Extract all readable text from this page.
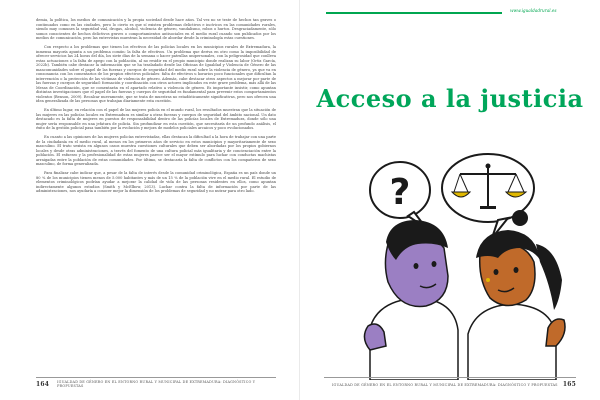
demia, la política, los medios de comunicación y la propia sociedad desde hace años. Tal vez no se trate de hechos tan graves o continuados como en las ciudades, pero lo cierto es que sí existen problemas delictivos e incívicos en las comunidades rurales, siendo muy comunes la seguridad vial, drogas, alcohol, violencia de género, vandalismo, robos o hurtos. Desgraciadamente, sólo somos conscientes de hechos delictivos graves o comportamientos antisociales en el medio rural cuando son publicados por los medios de comunicación, pero las entrevistas muestran la necesidad de abordar desde la criminología estas cuestiones.

Con respecto a los problemas que tienen los efectivos de las policías locales en los municipios rurales de Extremadura, la inmensa mayoría apunta a un problema común: la falta de efectivos. Un problema que deriva en otro como la imposibilidad de ofrecer servicios las 24 horas del día, los siete días de la semana o hacer patrullas unipersonales, con la peligrosidad que conlleva estas actuaciones o la falta de apego con la población, al no residir en el propio municipio donde realizan su labor (Ortiz García, 2022b). También cabe destacar la información que se ha trasladado desde las Oficinas de Igualdad y Violencia de Género de las mancomunidades sobre el papel de las fuerzas y cuerpos de seguridad del medio rural sobre la violencia de género, ya que va en consonancia con los comentarios de los propios efectivos policiales: falta de efectivos u horarios poco funcionales que dificultan la intervención o la protección de las víctimas de violencia de género. Además, cabe destacar otros aspectos a mejorar por parte de las fuerzas y cuerpos de seguridad: formación y coordinación con otros actores implicados en este grave problema, más allá de las Mesas de Coordinación, que se comentarán en el apartado relativo a violencia de género. Es importante insistir, como apuntan distintas investigaciones que el papel de las fuerzas y cuerpos de seguridad es fundamental para prevenir estos comportamientos violentos (Benson, 2009). Recalcar nuevamente, que se trata de muestras no estadísticamente significativas, pero nos ofrecen una idea generalizada de las personas que trabajan diariamente esta cuestión.

En último lugar, en relación con el papel de las mujeres policía en el mundo rural, los resultados muestran que la situación de las mujeres en las policías locales en Extremadura es similar a otras fuerzas y cuerpos de seguridad del ámbito nacional. Un dato destacado es la falta de mujeres en puestos de responsabilidad dentro de las policías locales de Extremadura, donde sólo una mujer sería responsable en una jefatura de policía. Sin profundizar en esta cuestión, que necesitaría de un profundo análisis, el éxito de la gestión policial pasa también por la evolución y mejora de modelos policiales arcaicos y poco evolucionados.

En cuanto a las opiniones de las mujeres policías entrevistadas, ellas destacan la dificultad a la hora de trabajar con una parte de la ciudadanía en el medio rural, al menos en los primeros años de servicio en estos municipios y mayoritariamente de sexo masculino. El trato sexista en algunos casos muestra cuestiones culturales que deben ser abordadas por los propios gobiernos locales y desde otras administraciones, a través del fomento de una cultura policial más igualitaria y de concienciación entre la población. El esfuerzo y la profesionalidad de estas mujeres parece ser el mayor estímulo para luchar con conductas machistas arraigadas entre la población de estas comunidades. Por último, se destacaría la falta de conflictos con los compañeros de sexo masculino, de forma generalizada.

Para finalizar cabe indicar que, a pesar de la falta de interés desde la comunidad criminológica, España es un país donde un 80 % de los municipios tienen menos de 5.000 habitantes y más de un 15 % de la población vive en el medio rural. El estudio de elementos criminológicos podrían ayudar a mejorar la calidad de vida de las personas residentes en ellos, como apuntan indirectamente algunos estudios (Smith y McElbow, 2013). Luchar contra la falta de información por parte de las administraciones, nos ayudaría a conocer mejor la dimensión de los problemas de seguridad y no nutrar para otro lado.

164 IGUALDAD DE GÉNERO EN EL ENTORNO RURAL Y MUNICIPAL DE EXTREMADURA: DIAGNÓSTICO Y PROPUESTAS
www.igualdadrural.es
Acceso a la justicia
?
IGUALDAD DE GÉNERO EN EL ENTORNO RURAL Y MUNICIPAL DE EXTREMADURA: DIAGNÓSTICO Y PROPUESTAS 165
